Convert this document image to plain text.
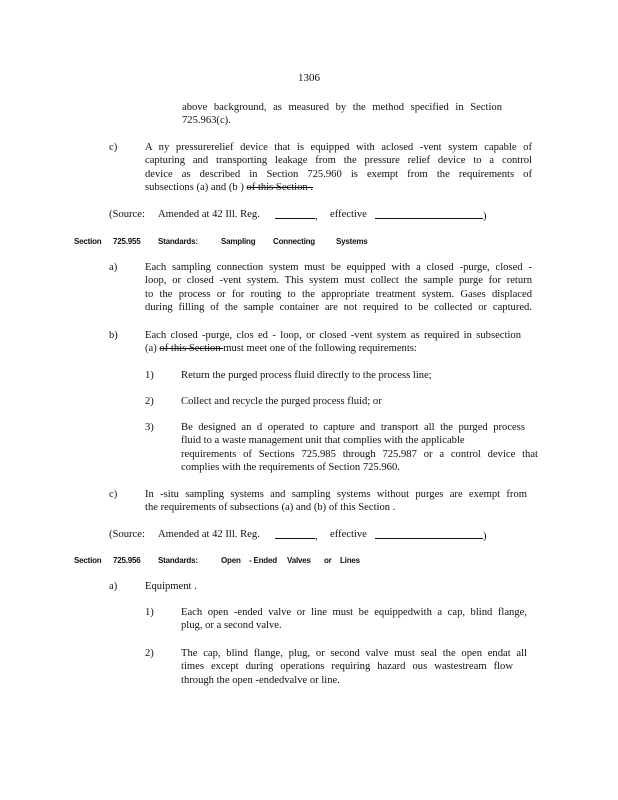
1306
above background, as measured by the method specified in Section
725.963(c).
c)	A ny pressurerelief device that is equipped with aclosed -vent system capable of
capturing and transporting leakage from the pressure relief device to a control
device as described in Section 725.960 is exempt from the requirements of
subsections (a) and (b ) of this Section .
(Source: Amended at 42 Ill. Reg.	, effective	)
Section 725.955 Standards:	Sampling Connecting	Systems
a)	Each sampling connection system must be equipped with a closed -purge, closed -
loop, or closed -vent system. This system must collect the sample purge for return
to the process or for routing to the appropriate treatment system. Gases displaced
during filling of the sample container are not required to be collected or captured.
b)	Each closed -purge, clos ed - loop, or closed -vent system as required in subsection
(a) of this Section must meet one of the following requirements:
1)	Return the purged process fluid directly to the process line;
2)	Collect and recycle the purged process fluid; or
3)	Be designed an d operated to capture and transport all the purged process
fluid to a waste management unit that complies with the applicable
requirements of Sections 725.985 through 725.987 or a control device that
complies with the requirements of Section 725.960.
c)	In -situ sampling systems and sampling systems without purges are exempt from
the requirements of subsections (a) and (b) of this Section .
(Source: Amended at 42 Ill. Reg.	, effective	)
Section 725.956 Standards:	Open - Ended Valves or Lines
a)	Equipment .
1)	Each open -ended valve or line must be equippedwith a cap, blind flange,
plug, or a second valve.
2)	The cap, blind flange, plug, or second valve must seal the open endat all
times except during operations requiring hazard ous wastestream flow
through the open -endedvalve or line.
